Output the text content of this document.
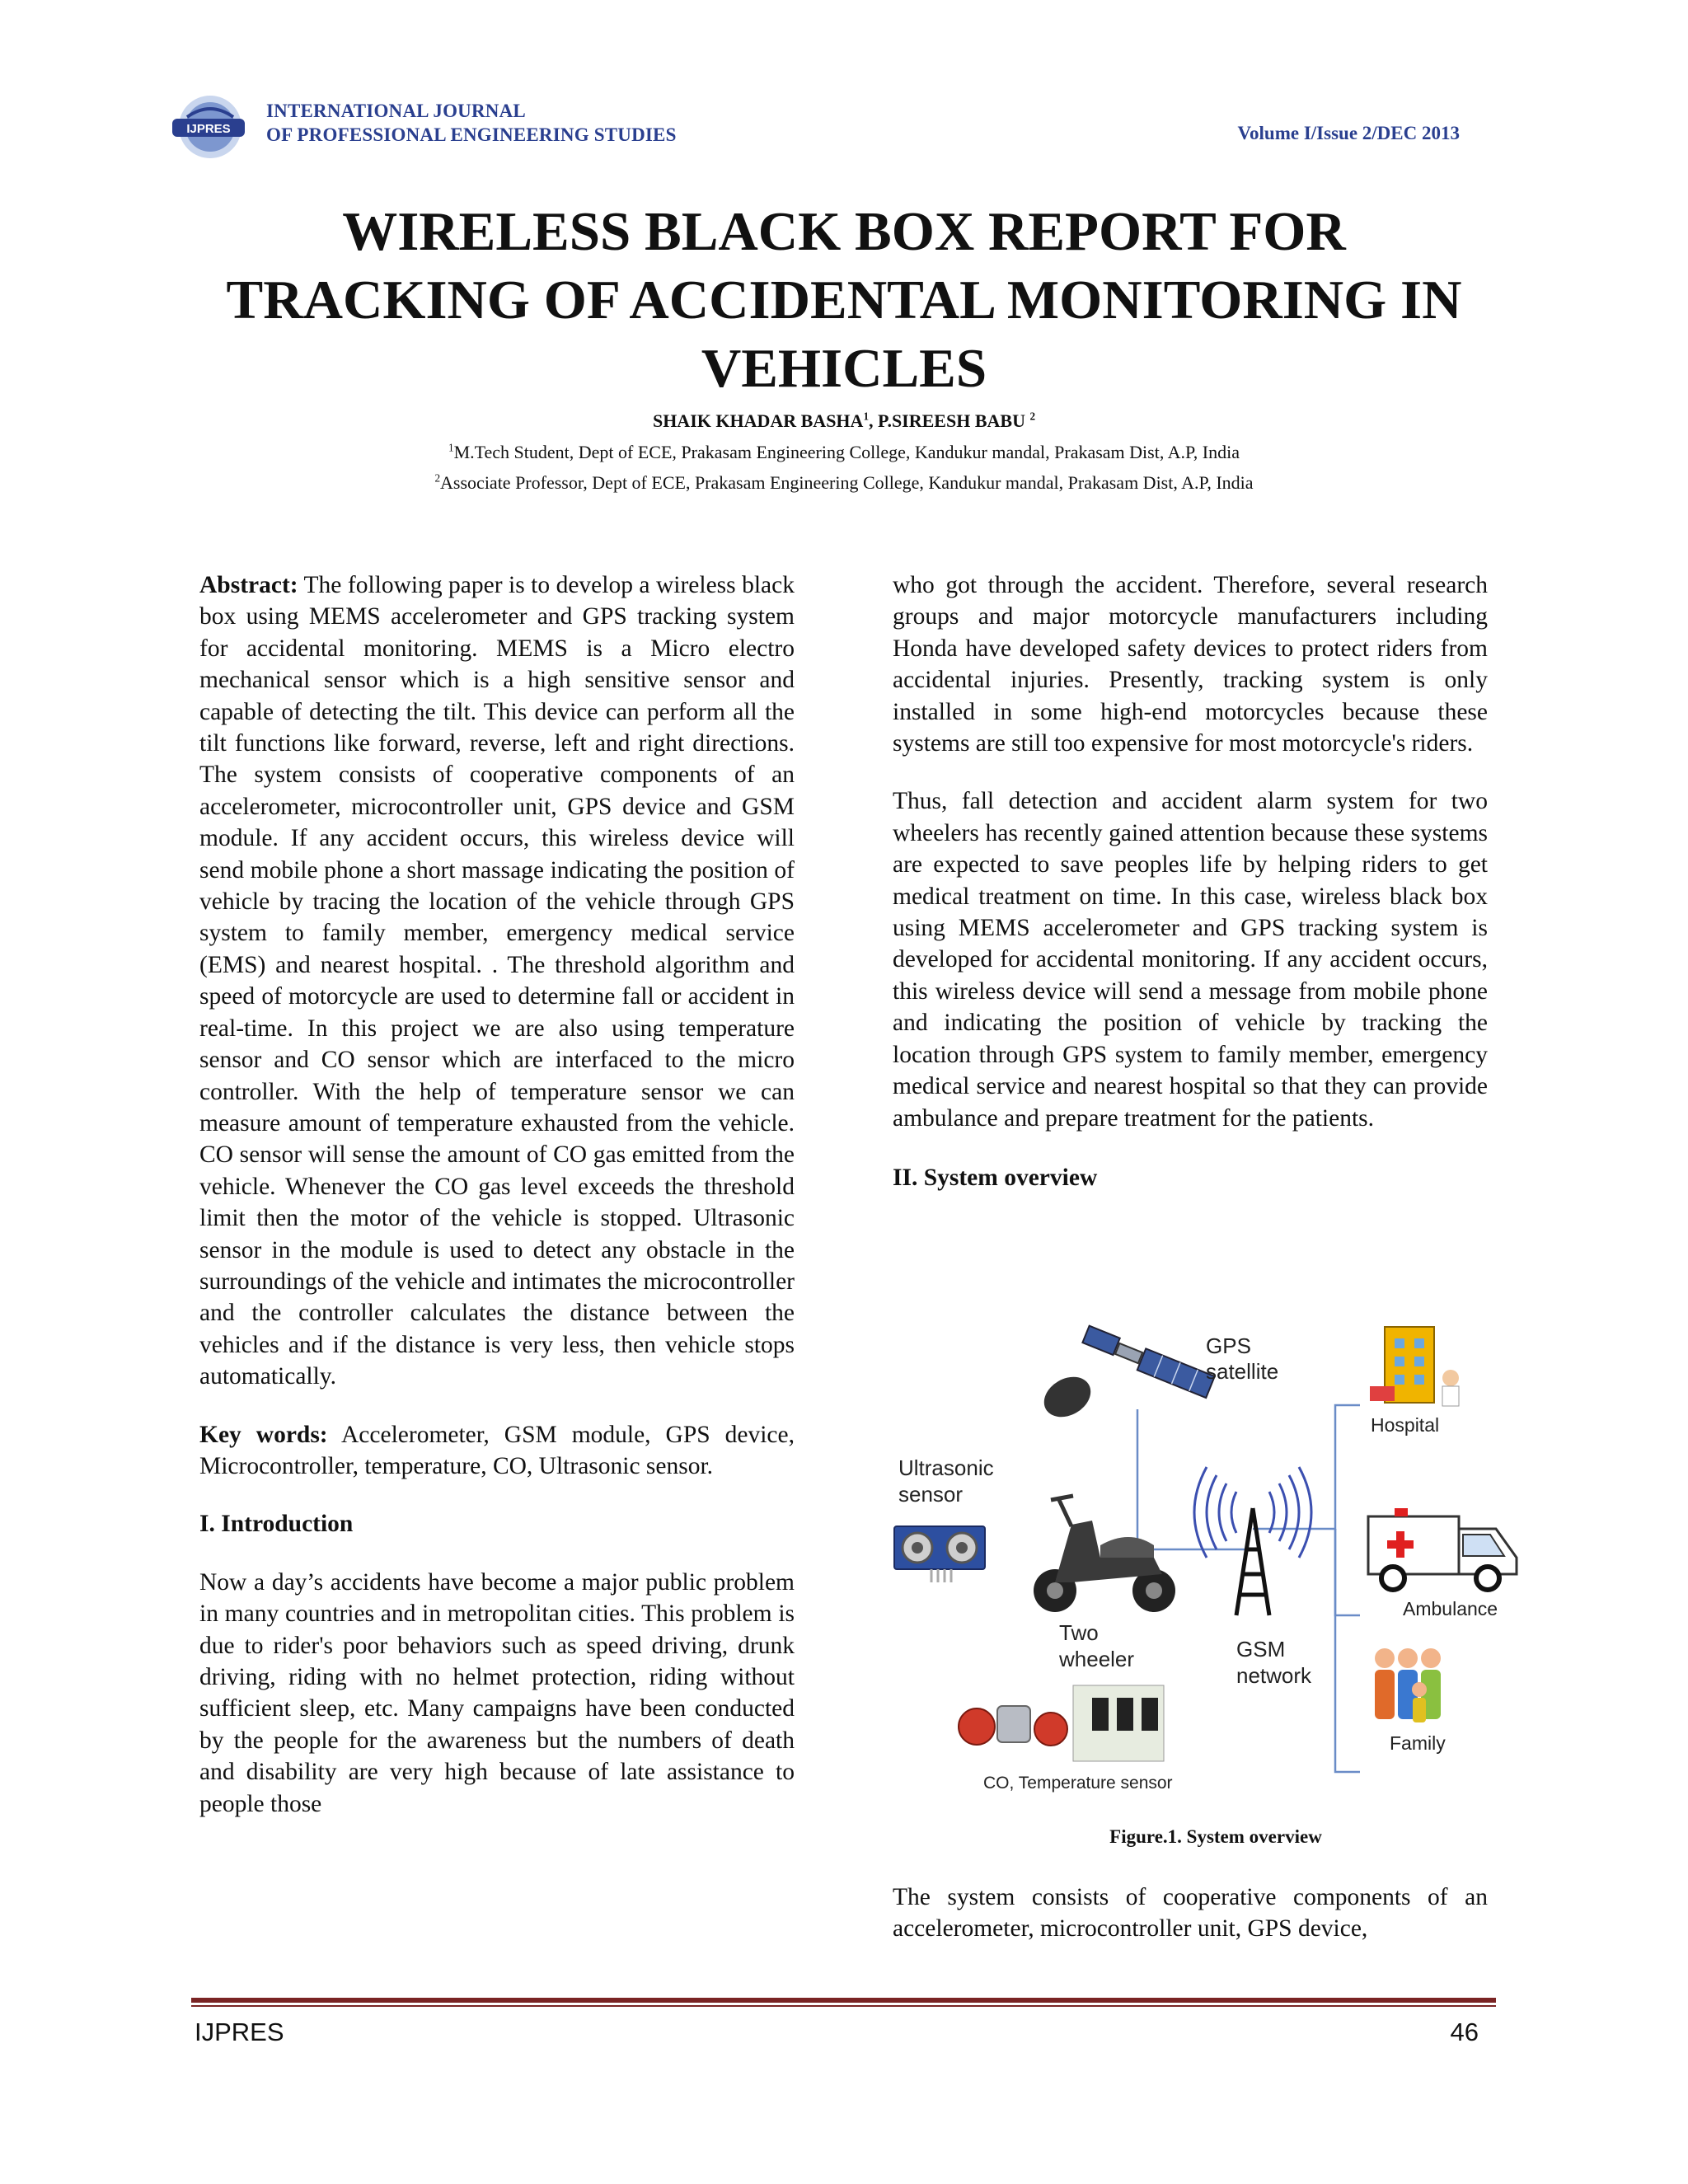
IJPRES
INTERNATIONAL JOURNAL
OF PROFESSIONAL ENGINEERING STUDIES	Volume I/Issue 2/DEC 2013
WIRELESS BLACK BOX REPORT FOR
TRACKING OF ACCIDENTAL MONITORING IN
VEHICLES
SHAIK KHADAR BASHA$^1$, P.SIREESH BABU $^2$
$^1$M.Tech Student, Dept of ECE, Prakasam Engineering College, Kandukur mandal, Prakasam Dist, A.P, India
$^2$Associate Professor, Dept of ECE, Prakasam Engineering College, Kandukur mandal, Prakasam Dist, A.P, India

Abstract: The following paper is to develop a wireless black box using MEMS accelerometer and GPS tracking system for accidental monitoring. MEMS is a Micro electro mechanical sensor which is a high sensitive sensor and capable of detecting the tilt. This device can perform all the tilt functions like forward, reverse, left and right directions. The system consists of cooperative components of an accelerometer, microcontroller unit, GPS device and GSM module. If any accident occurs, this wireless device will send mobile phone a short massage indicating the position of vehicle by tracing the location of the vehicle through GPS system to family member, emergency medical service (EMS) and nearest hospital. . The threshold algorithm and speed of motorcycle are used to determine fall or accident in real-time. In this project we are also using temperature sensor and CO sensor which are interfaced to the micro controller. With the help of temperature sensor we can measure amount of temperature exhausted from the vehicle. CO sensor will sense the amount of CO gas emitted from the vehicle. Whenever the CO gas level exceeds the threshold limit then the motor of the vehicle is stopped. Ultrasonic sensor in the module is used to detect any obstacle in the surroundings of the vehicle and intimates the microcontroller and the controller calculates the distance between the vehicles and if the distance is very less, then vehicle stops automatically.

Key words: Accelerometer, GSM module, GPS device, Microcontroller, temperature, CO, Ultrasonic sensor.

I. Introduction

Now a day’s accidents have become a major public problem in many countries and in metropolitan cities. This problem is due to rider's poor behaviors such as speed driving, drunk driving, riding with no helmet protection, riding without sufficient sleep, etc. Many campaigns have been conducted by the people for the awareness but the numbers of death and disability are very high because of late assistance to people those

who got through the accident. Therefore, several research groups and major motorcycle manufacturers including Honda have developed safety devices to protect riders from accidental injuries. Presently, tracking system is only installed in some high-end motorcycles because these systems are still too expensive for most motorcycle's riders.

Thus, fall detection and accident alarm system for two wheelers has recently gained attention because these systems are expected to save peoples life by helping riders to get medical treatment on time. In this case, wireless black box using MEMS accelerometer and GPS tracking system is developed for accidental monitoring. If any accident occurs, this wireless device will send a message from mobile phone and indicating the position of vehicle by tracking the location through GPS system to family member, emergency medical service and nearest hospital so that they can provide ambulance and prepare treatment for the patients.

II. System overview

GPS
satellite
Hospital
Ultrasonic
sensor
Two
wheeler	GSM
network
Ambulance
Family
CO, Temperature sensor
Figure.1. System overview

The system consists of cooperative components of an accelerometer, microcontroller unit, GPS device,

IJPRES	46
